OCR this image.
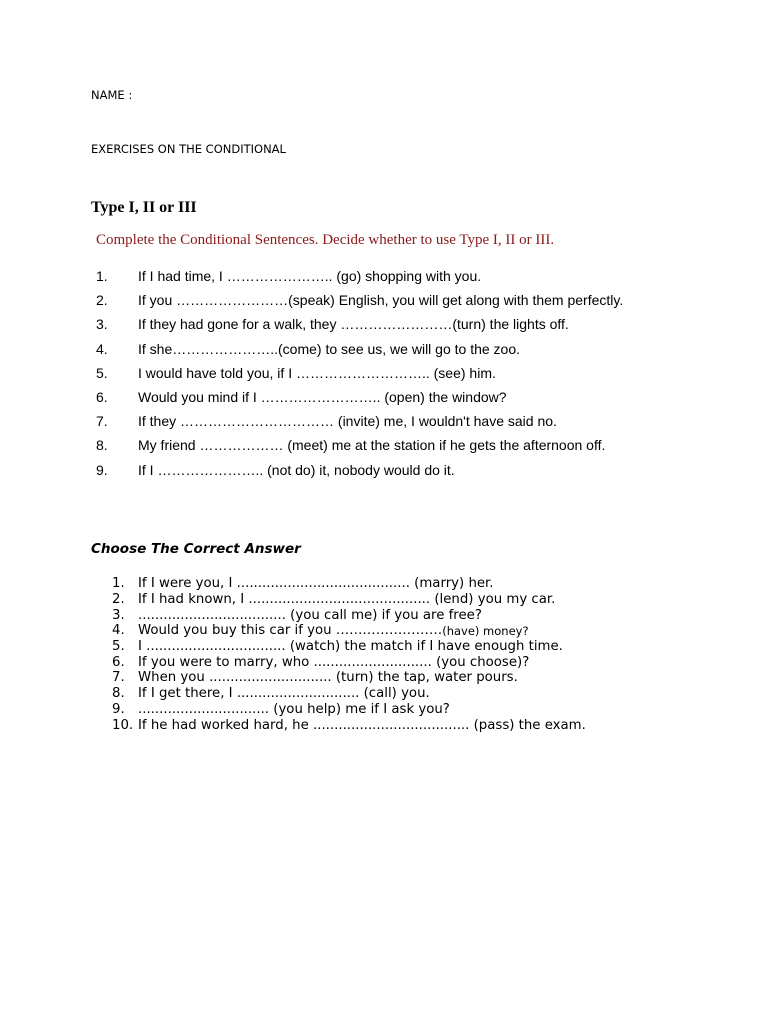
NAME :
EXERCISES ON THE CONDITIONAL
Type I, II or III
Complete the Conditional Sentences. Decide whether to use Type I, II or III.
1.	If I had time, I ………………….. (go) shopping with you.
2.	If you ……………………(speak) English, you will get along with them perfectly.
3.	If they had gone for a walk, they ……………………(turn) the lights off.
4.	If she…………………..(come) to see us, we will go to the zoo.
5.	I would have told you, if I ……………………….. (see) him.
6.	Would you mind if I …………………….. (open) the window?
7.	If they …………………………… (invite) me, I wouldn't have said no.
8.	My friend ……………… (meet) me at the station if he gets the afternoon off.
9.	If I ………………….. (not do) it, nobody would do it.
Choose The Correct Answer
1.	If I were you, I ......................................... (marry) her.
2.	If I had known, I ........................................... (lend) you my car.
3.	................................... (you call me) if you are free?
4.	Would you buy this car if you …………………… (have) money?
5.	I ................................. (watch) the match if I have enough time.
6.	If you were to marry, who ............................ (you choose)?
7.	When you ............................. (turn) the tap, water pours.
8.	If I get there, I ............................. (call) you.
9.	............................... (you help) me if I ask you?
10. If he had worked hard, he ..................................... (pass) the exam.
